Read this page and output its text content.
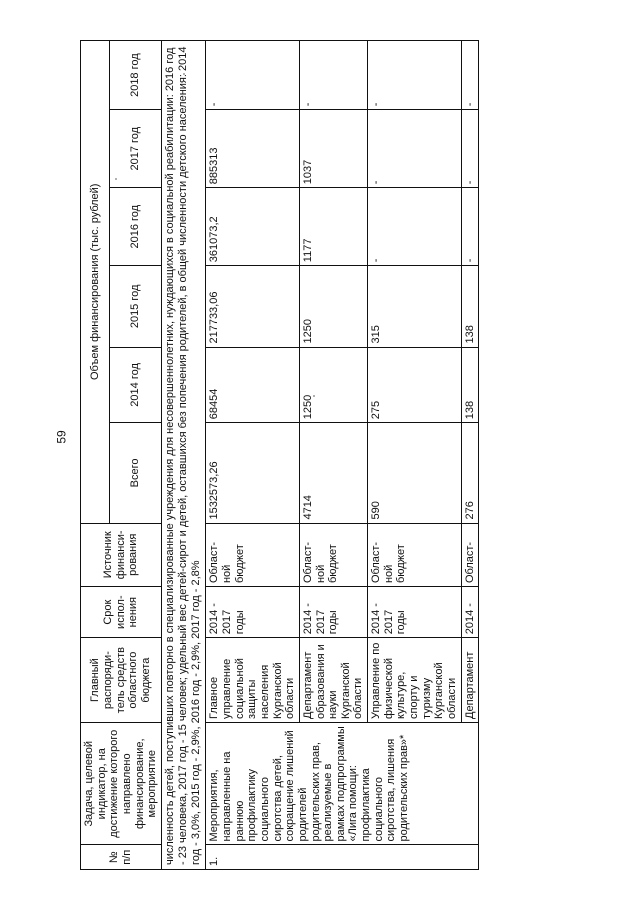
59
№ п/п	Задача, целевой индикатор, на достижение которого направлено финансирование, мероприятие	Главный распоряди-тель средств областного бюджета	Срок испол-нения	Источник финанси-рования	Объем финансирования (тыс. рублей)					
					Всего	2014 год	2015 год	2016 год	2017 год	2018 год
численность детей, поступивших повторно в специализированные учреждения для несовершеннолетних, нуждающихся в социальной реабилитации: 2016 год - 23 человека, 2017 год - 15 человек; удельный вес детей-сирот и детей, оставшихся без попечения родителей, в общей численности детского населения: 2014 год - 3,0%, 2015 год - 2,9%, 2016 год - 2,9%, 2017 год - 2,8%										
1.	Мероприятия, направленные на раннюю профилактику социального сиротства детей, сокращение лишений родителей родительских прав, реализуемые в рамках подпрограммы «Лига помощи: профилактика социального сиротства, лишения родительских прав»*	Главное управление социальной защиты населения Курганской области	2014 - 2017 годы	Област-ной бюджет	1532573,26	68454	217733,06	361073,2	885313	-
		Департамент образования и науки Курганской области	2014 - 2017 годы	Област-ной бюджет	4714	1250	1250	1177	1037	-
		Управление по физической культуре, спорту и туризму Курганской области	2014 - 2017 годы	Област-ной бюджет	590	275	315	-	-	-
		Департамент	2014 -	Област-	276	138	138	-	-	-
